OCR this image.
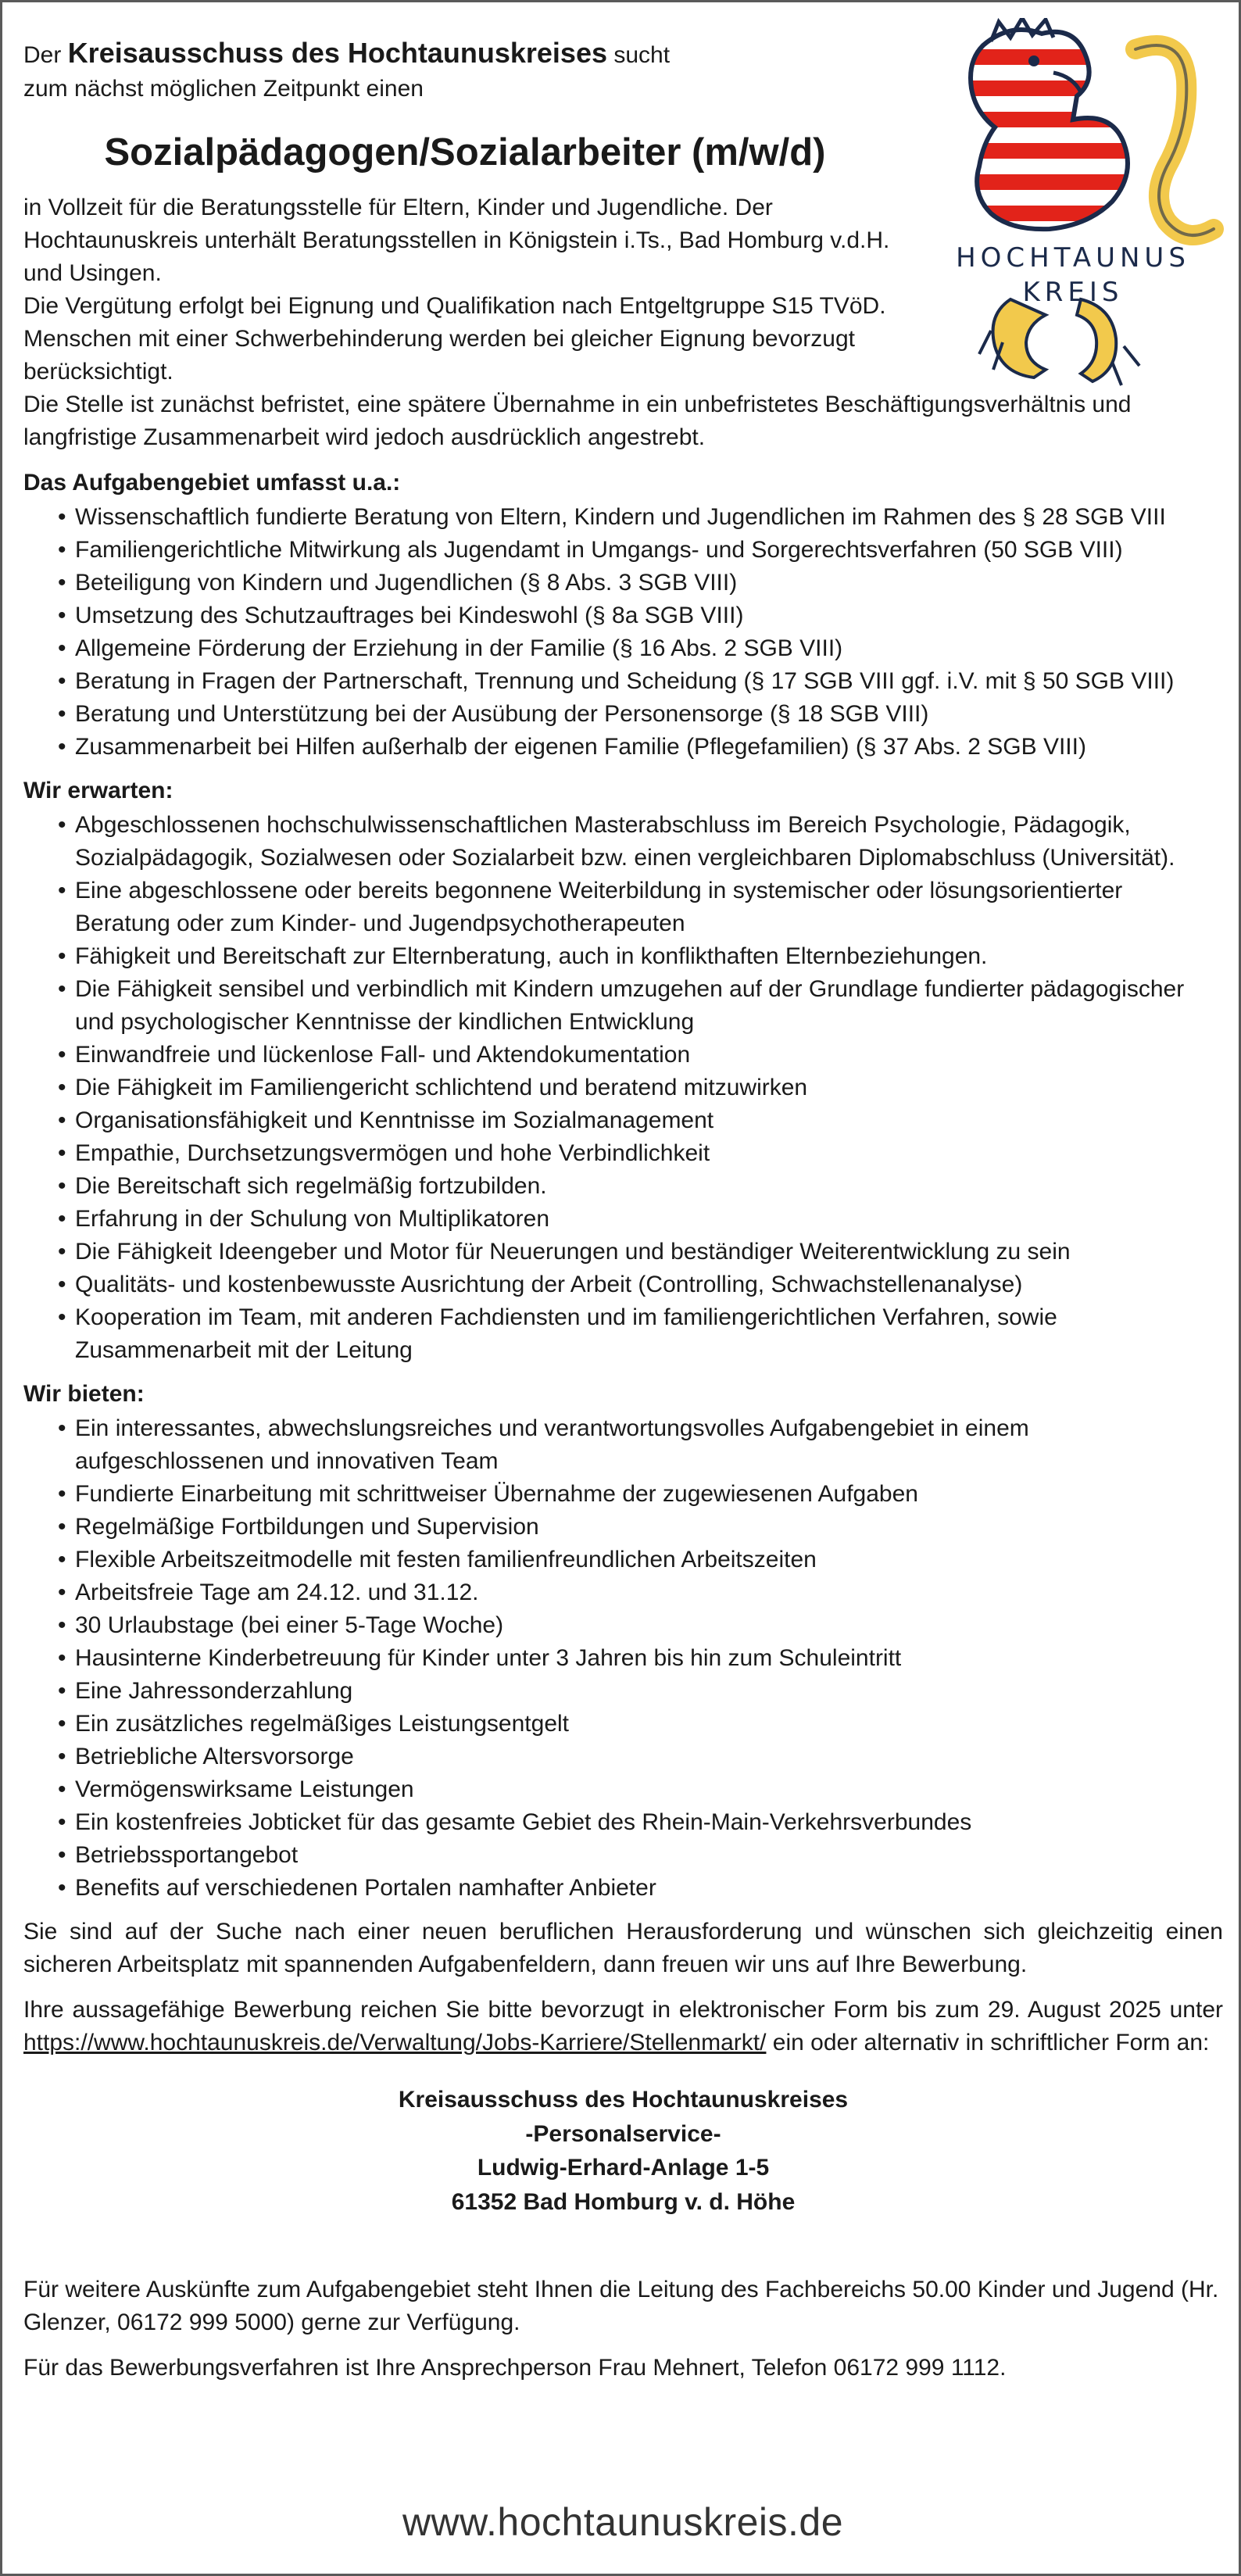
HOCHTAUNUS
KREIS

Der Kreisausschuss des Hochtaunuskreises sucht

zum nächst möglichen Zeitpunkt einen

Sozialpädagogen/Sozialarbeiter (m/w/d)

in Vollzeit für die Beratungsstelle für Eltern, Kinder und Jugendliche. Der Hochtaunuskreis unterhält Beratungsstellen in Königstein i.Ts., Bad Homburg v.d.H. und Usingen.

Die Vergütung erfolgt bei Eignung und Qualifikation nach Entgeltgruppe S15 TVöD. Menschen mit einer Schwerbehinderung werden bei gleicher Eignung bevorzugt berücksichtigt.

Die Stelle ist zunächst befristet, eine spätere Übernahme in ein unbefristetes Beschäftigungsverhältnis und langfristige Zusammenarbeit wird jedoch ausdrücklich angestrebt.

Das Aufgabengebiet umfasst u.a.:
• Wissenschaftlich fundierte Beratung von Eltern, Kindern und Jugendlichen im Rahmen des § 28 SGB VIII
• Familiengerichtliche Mitwirkung als Jugendamt in Umgangs- und Sorgerechtsverfahren (50 SGB VIII)
• Beteiligung von Kindern und Jugendlichen (§ 8 Abs. 3 SGB VIII)
• Umsetzung des Schutzauftrages bei Kindeswohl (§ 8a SGB VIII)
• Allgemeine Förderung der Erziehung in der Familie (§ 16 Abs. 2 SGB VIII)
• Beratung in Fragen der Partnerschaft, Trennung und Scheidung (§ 17 SGB VIII ggf. i.V. mit § 50 SGB VIII)
• Beratung und Unterstützung bei der Ausübung der Personensorge (§ 18 SGB VIII)
• Zusammenarbeit bei Hilfen außerhalb der eigenen Familie (Pflegefamilien) (§ 37 Abs. 2 SGB VIII)
Wir erwarten:
• Abgeschlossenen hochschulwissenschaftlichen Masterabschluss im Bereich Psychologie, Pädagogik, Sozialpädagogik, Sozialwesen oder Sozialarbeit bzw. einen vergleichbaren Diplomabschluss (Universität).
• Eine abgeschlossene oder bereits begonnene Weiterbildung in systemischer oder lösungsorientierter Beratung oder zum Kinder- und Jugendpsychotherapeuten
• Fähigkeit und Bereitschaft zur Elternberatung, auch in konflikthaften Elternbeziehungen.
• Die Fähigkeit sensibel und verbindlich mit Kindern umzugehen auf der Grundlage fundierter pädagogischer und psychologischer Kenntnisse der kindlichen Entwicklung
• Einwandfreie und lückenlose Fall- und Aktendokumentation
• Die Fähigkeit im Familiengericht schlichtend und beratend mitzuwirken
• Organisationsfähigkeit und Kenntnisse im Sozialmanagement
• Empathie, Durchsetzungsvermögen und hohe Verbindlichkeit
• Die Bereitschaft sich regelmäßig fortzubilden.
• Erfahrung in der Schulung von Multiplikatoren
• Die Fähigkeit Ideengeber und Motor für Neuerungen und beständiger Weiterentwicklung zu sein
• Qualitäts- und kostenbewusste Ausrichtung der Arbeit (Controlling, Schwachstellenanalyse)
• Kooperation im Team, mit anderen Fachdiensten und im familiengerichtlichen Verfahren, sowie Zusammenarbeit mit der Leitung
Wir bieten:
• Ein interessantes, abwechslungsreiches und verantwortungsvolles Aufgabengebiet in einem aufgeschlossenen und innovativen Team
• Fundierte Einarbeitung mit schrittweiser Übernahme der zugewiesenen Aufgaben
• Regelmäßige Fortbildungen und Supervision
• Flexible Arbeitszeitmodelle mit festen familienfreundlichen Arbeitszeiten
• Arbeitsfreie Tage am 24.12. und 31.12.
• 30 Urlaubstage (bei einer 5-Tage Woche)
• Hausinterne Kinderbetreuung für Kinder unter 3 Jahren bis hin zum Schuleintritt
• Eine Jahressonderzahlung
• Ein zusätzliches regelmäßiges Leistungsentgelt
• Betriebliche Altersvorsorge
• Vermögenswirksame Leistungen
• Ein kostenfreies Jobticket für das gesamte Gebiet des Rhein-Main-Verkehrsverbundes
• Betriebssportangebot
• Benefits auf verschiedenen Portalen namhafter Anbieter

Sie sind auf der Suche nach einer neuen beruflichen Herausforderung und wünschen sich gleichzeitig einen sicheren Arbeitsplatz mit spannenden Aufgabenfeldern, dann freuen wir uns auf Ihre Bewerbung.

Ihre aussagefähige Bewerbung reichen Sie bitte bevorzugt in elektronischer Form bis zum 29. August 2025 unter https://www.hochtaunuskreis.de/Verwaltung/Jobs-Karriere/Stellenmarkt/ ein oder alternativ in schriftlicher Form an:

Kreisausschuss des Hochtaunuskreises
-Personalservice-
Ludwig-Erhard-Anlage 1-5
61352 Bad Homburg v. d. Höhe

Für weitere Auskünfte zum Aufgabengebiet steht Ihnen die Leitung des Fachbereichs 50.00 Kinder und Jugend (Hr. Glenzer, 06172 999 5000) gerne zur Verfügung.

Für das Bewerbungsverfahren ist Ihre Ansprechperson Frau Mehnert, Telefon 06172 999 1112.

www.hochtaunuskreis.de
